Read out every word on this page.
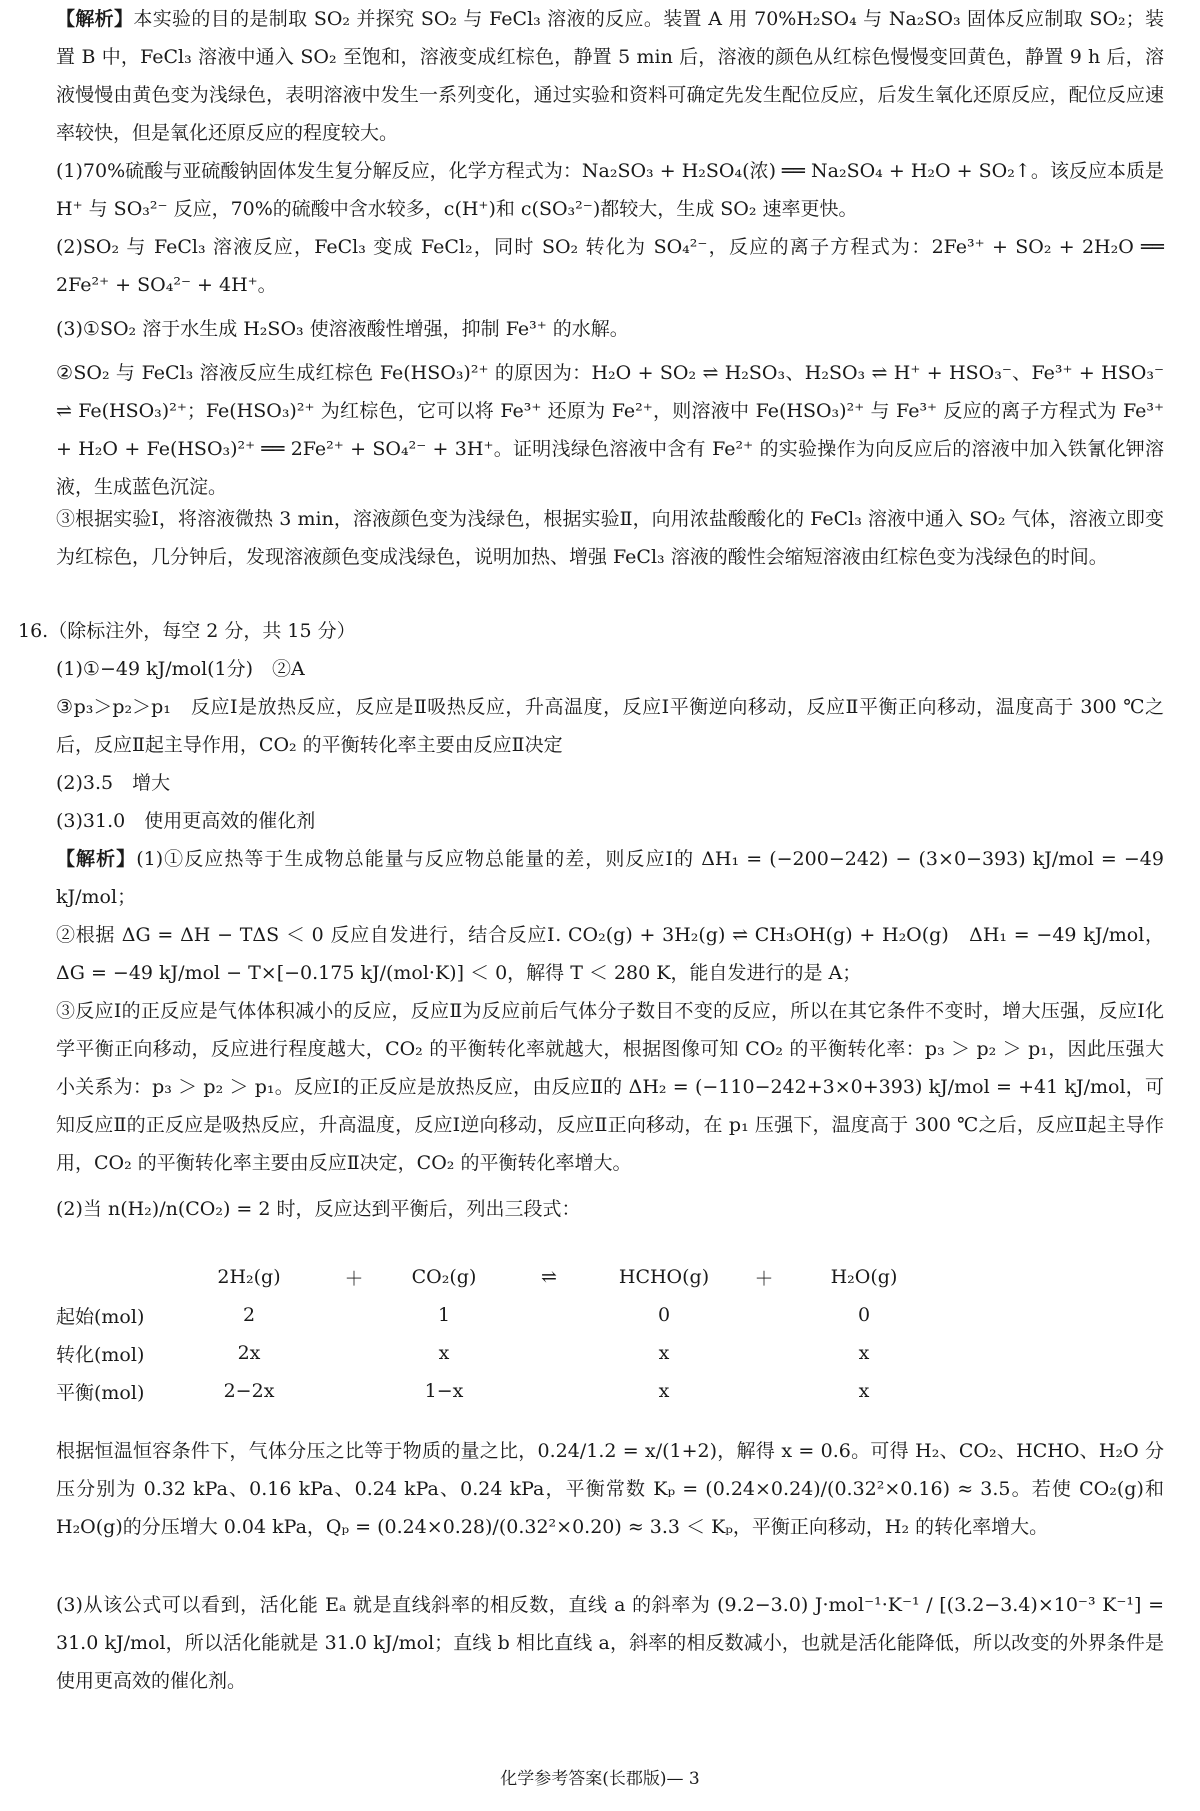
【解析】本实验的目的是制取 SO₂ 并探究 SO₂ 与 FeCl₃ 溶液的反应。装置 A 用 70%H₂SO₄ 与 Na₂SO₃ 固体反应制取 SO₂；装置 B 中，FeCl₃ 溶液中通入 SO₂ 至饱和，溶液变成红棕色，静置 5 min 后，溶液的颜色从红棕色慢慢变回黄色，静置 9 h 后，溶液慢慢由黄色变为浅绿色，表明溶液中发生一系列变化，通过实验和资料可确定先发生配位反应，后发生氧化还原反应，配位反应速率较快，但是氧化还原反应的程度较大。
(1)70%硫酸与亚硫酸钠固体发生复分解反应，化学方程式为：Na₂SO₃ + H₂SO₄(浓) ══ Na₂SO₄ + H₂O + SO₂↑。该反应本质是 H⁺ 与 SO₃²⁻ 反应，70%的硫酸中含水较多，c(H⁺)和 c(SO₃²⁻)都较大，生成 SO₂ 速率更快。
(2)SO₂ 与 FeCl₃ 溶液反应，FeCl₃ 变成 FeCl₂，同时 SO₂ 转化为 SO₄²⁻，反应的离子方程式为：2Fe³⁺ + SO₂ + 2H₂O ══ 2Fe²⁺ + SO₄²⁻ + 4H⁺。
(3)①SO₂ 溶于水生成 H₂SO₃ 使溶液酸性增强，抑制 Fe³⁺ 的水解。
②SO₂ 与 FeCl₃ 溶液反应生成红棕色 Fe(HSO₃)²⁺ 的原因为：H₂O + SO₂ ⇌ H₂SO₃、H₂SO₃ ⇌ H⁺ + HSO₃⁻、Fe³⁺ + HSO₃⁻ ⇌ Fe(HSO₃)²⁺；Fe(HSO₃)²⁺ 为红棕色，它可以将 Fe³⁺ 还原为 Fe²⁺，则溶液中 Fe(HSO₃)²⁺ 与 Fe³⁺ 反应的离子方程式为 Fe³⁺ + H₂O + Fe(HSO₃)²⁺ ══ 2Fe²⁺ + SO₄²⁻ + 3H⁺。证明浅绿色溶液中含有 Fe²⁺ 的实验操作为向反应后的溶液中加入铁氰化钾溶液，生成蓝色沉淀。
③根据实验Ⅰ，将溶液微热 3 min，溶液颜色变为浅绿色，根据实验Ⅱ，向用浓盐酸酸化的 FeCl₃ 溶液中通入 SO₂ 气体，溶液立即变为红棕色，几分钟后，发现溶液颜色变成浅绿色，说明加热、增强 FeCl₃ 溶液的酸性会缩短溶液由红棕色变为浅绿色的时间。
16.（除标注外，每空 2 分，共 15 分）
(1)①−49 kJ/mol(1分)　②A
③p₃＞p₂＞p₁　反应Ⅰ是放热反应，反应是Ⅱ吸热反应，升高温度，反应Ⅰ平衡逆向移动，反应Ⅱ平衡正向移动，温度高于 300 ℃之后，反应Ⅱ起主导作用，CO₂ 的平衡转化率主要由反应Ⅱ决定
(2)3.5　增大
(3)31.0　使用更高效的催化剂
【解析】(1)①反应热等于生成物总能量与反应物总能量的差，则反应Ⅰ的 ΔH₁ = (−200−242) − (3×0−393) kJ/mol = −49 kJ/mol；
②根据 ΔG = ΔH − TΔS ＜ 0 反应自发进行，结合反应Ⅰ. CO₂(g) + 3H₂(g) ⇌ CH₃OH(g) + H₂O(g)　ΔH₁ = −49 kJ/mol，ΔG = −49 kJ/mol − T×[−0.175 kJ/(mol·K)] ＜ 0，解得 T ＜ 280 K，能自发进行的是 A；
③反应Ⅰ的正反应是气体体积减小的反应，反应Ⅱ为反应前后气体分子数目不变的反应，所以在其它条件不变时，增大压强，反应Ⅰ化学平衡正向移动，反应进行程度越大，CO₂ 的平衡转化率就越大，根据图像可知 CO₂ 的平衡转化率：p₃ ＞ p₂ ＞ p₁，因此压强大小关系为：p₃ ＞ p₂ ＞ p₁。反应Ⅰ的正反应是放热反应，由反应Ⅱ的 ΔH₂ = (−110−242+3×0+393) kJ/mol = +41 kJ/mol，可知反应Ⅱ的正反应是吸热反应，升高温度，反应Ⅰ逆向移动，反应Ⅱ正向移动，在 p₁ 压强下，温度高于 300 ℃之后，反应Ⅱ起主导作用，CO₂ 的平衡转化率主要由反应Ⅱ决定，CO₂ 的平衡转化率增大。
(2)当 n(H₂)/n(CO₂) = 2 时，反应达到平衡后，列出三段式：
	2H₂(g)	＋	CO₂(g)	⇌	HCHO(g)	＋	H₂O(g)
起始(mol)	2		1		0		0
转化(mol)	2x		x		x		x
平衡(mol)	2−2x		1−x		x		x
根据恒温恒容条件下，气体分压之比等于物质的量之比，0.24/1.2 = x/(1+2)，解得 x = 0.6。可得 H₂、CO₂、HCHO、H₂O 分压分别为 0.32 kPa、0.16 kPa、0.24 kPa、0.24 kPa，平衡常数 Kₚ = (0.24×0.24)/(0.32²×0.16) ≈ 3.5。若使 CO₂(g)和 H₂O(g)的分压增大 0.04 kPa，Qₚ = (0.24×0.28)/(0.32²×0.20) ≈ 3.3 ＜ Kₚ，平衡正向移动，H₂ 的转化率增大。
(3)从该公式可以看到，活化能 Eₐ 就是直线斜率的相反数，直线 a 的斜率为 (9.2−3.0) J·mol⁻¹·K⁻¹ / [(3.2−3.4)×10⁻³ K⁻¹] = 31.0 kJ/mol，所以活化能就是 31.0 kJ/mol；直线 b 相比直线 a，斜率的相反数减小，也就是活化能降低，所以改变的外界条件是使用更高效的催化剂。
化学参考答案(长郡版)— 3
